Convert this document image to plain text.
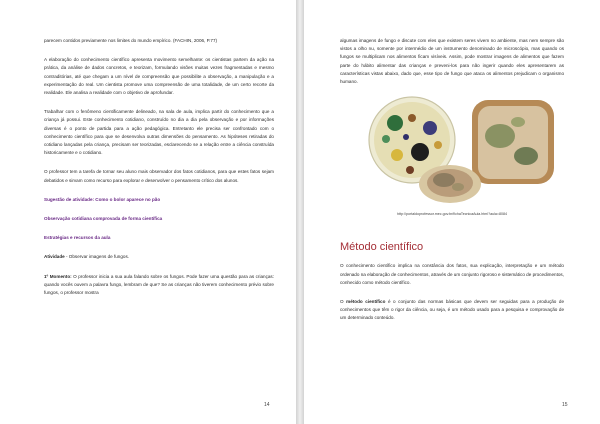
parecem contidos previamente nos limites do mundo empírico. (FACHIN, 2006, P.77)

A elaboração do conhecimento científico apresenta movimento semelhante: os cientistas partem da ação na prática, da análise de dados concretos, e teorizam, formulando visões muitas vezes fragmentadas e mesmo contraditórias, até que chegam a um nível de compreensão que possibilite a observação, a manipulação e a experimentação do real. Um cientista promove uma compreensão de uma totalidade, de um certo recorte da realidade. Ele analisa a realidade com o objetivo de aprofundar.

Trabalhar com o fenômeno cientificamente delineado, na sala de aula, implica partir do conhecimento que a criança já possui. Este conhecimento cotidiano, construído no dia a dia pela observação e por informações diversas é o ponto de partida para a ação pedagógica. Entretanto ele precisa ser confrontado com o conhecimento científico para que se desenvolva outras dimensões do pensamento. As hipóteses retiradas do cotidiano lançadas pela criança, precisam ser teorizadas, esclarecendo se a relação entre a ciência construída historicamente e o cotidiano.

O professor tem a tarefa de tornar seu aluno mais observador dos fatos cotidianos, para que estes fatos sejam debatidos e sirvam como recurso para explorar e desenvolver o pensamento crítico dos alunos.

Sugestão de atividade: Como o bolor aparece no pão

Observação cotidiana comprovada de forma científica

Estratégias e recursos da aula

Atividade - Observar imagens de fungos.

1º Momento: O professor inicia a sua aula falando sobre os fungos. Pode fazer uma questão para as crianças: quando vocês ouvem a palavra fungo, lembram de que? Se as crianças não tiverem conhecimento prévio sobre fungos, o professor mostra

algumas imagens de fungo e discute com eles que existem seres vivem no ambiente, mas nem sempre são vistos a olho nu, somente por intermédio de um instrumento denominado de microscópio, mas quando os fungos se multiplicam nos alimentos ficam visíveis. Assim, pode mostrar imagens de alimentos que fazem parte do hábito alimentar das crianças e preveni-los para não ingerir quando eles apresentarem as características vistas abaixo, dado que, esse tipo de fungo que ataca os alimentos prejudicam o organismo humano.

http://portaldoprofessor.mec.gov.br/fichaTecnicaAula.html?aula=8084

Método científico

O conhecimento científico implica na constância dos fatos, sua explicação, interpretação e um método ordenado na elaboração de conhecimentos, através de um conjunto rigoroso e sistemático de procedimentos, conhecido como método científico.

O método científico é o conjunto das normas básicas que devem ser seguidas para a produção de conhecimentos que têm o rigor da ciência, ou seja, é um método usado para a pesquisa e comprovação de um determinado conteúdo.

14	15
